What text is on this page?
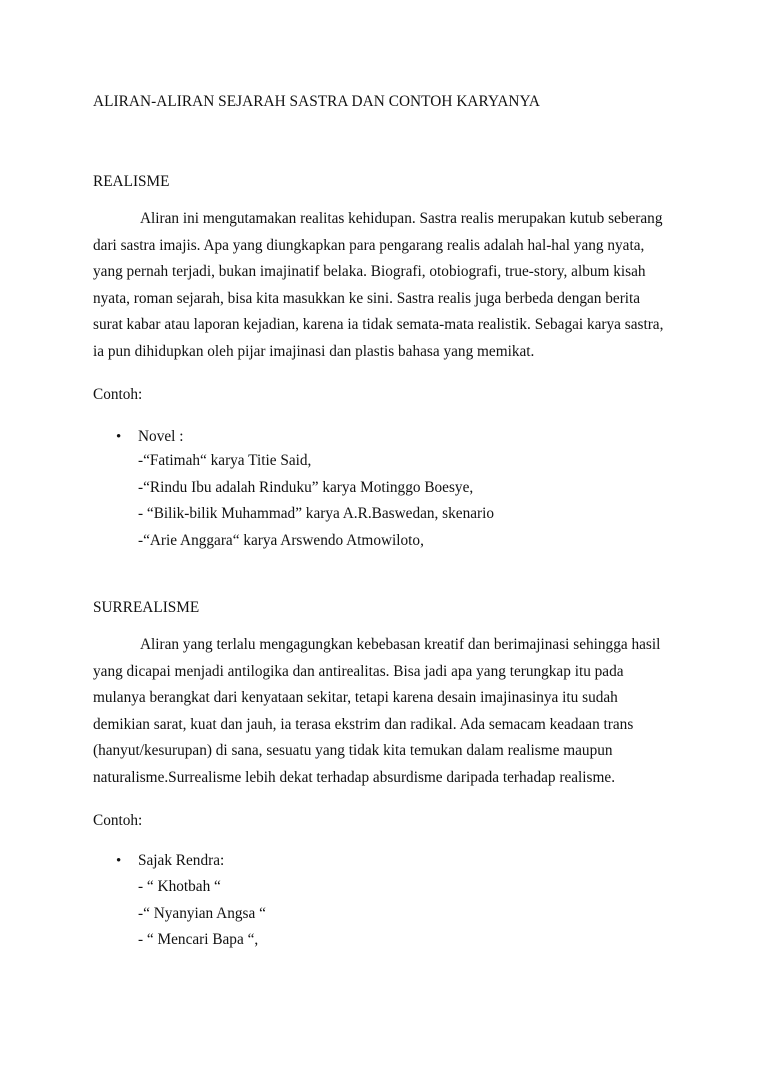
ALIRAN-ALIRAN SEJARAH SASTRA DAN CONTOH KARYANYA
REALISME
Aliran ini mengutamakan realitas kehidupan. Sastra realis merupakan kutub seberang
dari sastra imajis. Apa yang diungkapkan para pengarang realis adalah hal-hal yang nyata,
yang pernah terjadi, bukan imajinatif belaka. Biografi, otobiografi, true-story, album kisah
nyata, roman sejarah, bisa kita masukkan ke sini. Sastra realis juga berbeda dengan berita
surat kabar atau laporan kejadian, karena ia tidak semata-mata realistik. Sebagai karya sastra,
ia pun dihidupkan oleh pijar imajinasi dan plastis bahasa yang memikat.
Contoh:
• Novel :
-“Fatimah“ karya Titie Said,
-“Rindu Ibu adalah Rinduku” karya Motinggo Boesye,
- “Bilik-bilik Muhammad” karya A.R.Baswedan, skenario
-“Arie Anggara“ karya Arswendo Atmowiloto,
SURREALISME
Aliran yang terlalu mengagungkan kebebasan kreatif dan berimajinasi sehingga hasil
yang dicapai menjadi antilogika dan antirealitas. Bisa jadi apa yang terungkap itu pada
mulanya berangkat dari kenyataan sekitar, tetapi karena desain imajinasinya itu sudah
demikian sarat, kuat dan jauh, ia terasa ekstrim dan radikal. Ada semacam keadaan trans
(hanyut/kesurupan) di sana, sesuatu yang tidak kita temukan dalam realisme maupun
naturalisme.Surrealisme lebih dekat terhadap absurdisme daripada terhadap realisme.
Contoh:
• Sajak Rendra:
- “ Khotbah “
-“ Nyanyian Angsa “
- “ Mencari Bapa “,
